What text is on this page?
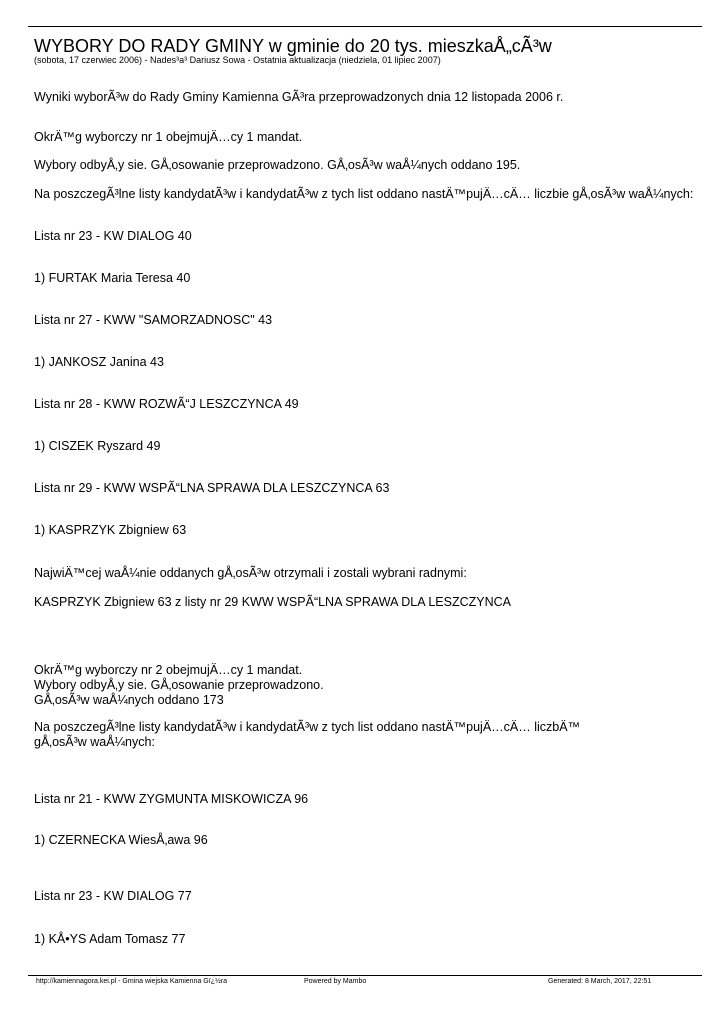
WYBORY DO RADY GMINY w gminie do 20 tys. mieszkaÅ„cÃ³w
(sobota, 17 czerwiec 2006) - Nades³a³ Dariusz Sowa - Ostatnia aktualizacja (niedziela, 01 lipiec 2007)
Wyniki wyborÃ³w do Rady Gminy Kamienna GÃ³ra przeprowadzonych dnia 12 listopada 2006 r.
OkrÄ™g wyborczy nr 1 obejmujÄ…cy 1 mandat.
Wybory odbyÅ‚y sie. GÅ‚osowanie przeprowadzono. GÅ‚osÃ³w waÅ¼nych oddano 195.
Na poszczegÃ³lne listy kandydatÃ³w i kandydatÃ³w z tych list oddano nastÄ™pujÄ…cÄ… liczbie gÅ‚osÃ³w waÅ¼nych:
Lista nr 23 - KW DIALOG 40
1) FURTAK Maria Teresa 40
Lista nr 27 - KWW "SAMORZADNOSC" 43
1) JANKOSZ Janina 43
Lista nr 28 - KWW ROZWÃ“J LESZCZYNCA 49
1) CISZEK Ryszard 49
Lista nr 29 - KWW WSPÃ“LNA SPRAWA DLA LESZCZYNCA 63
1) KASPRZYK Zbigniew 63
NajwiÄ™cej waÅ¼nie oddanych gÅ‚osÃ³w otrzymali i zostali wybrani radnymi:
KASPRZYK Zbigniew 63 z listy nr 29 KWW WSPÃ“LNA SPRAWA DLA LESZCZYNCA
OkrÄ™g wyborczy nr 2 obejmujÄ…cy 1 mandat.
Wybory odbyÅ‚y sie. GÅ‚osowanie przeprowadzono.
GÅ‚osÃ³w waÅ¼nych oddano 173
Na poszczegÃ³lne listy kandydatÃ³w i kandydatÃ³w z tych list oddano nastÄ™pujÄ…cÄ… liczbÄ™
gÅ‚osÃ³w waÅ¼nych:
Lista nr 21 - KWW ZYGMUNTA MISKOWICZA 96
1) CZERNECKA WiesÅ‚awa 96
Lista nr 23 - KW DIALOG 77
1) KÅ•YS Adam Tomasz 77
http://kamiennagora.kei.pl - Gmina wiejska Kamienna Gï¿½ra	Powered by Mambo	Generated: 8 March, 2017, 22:51
